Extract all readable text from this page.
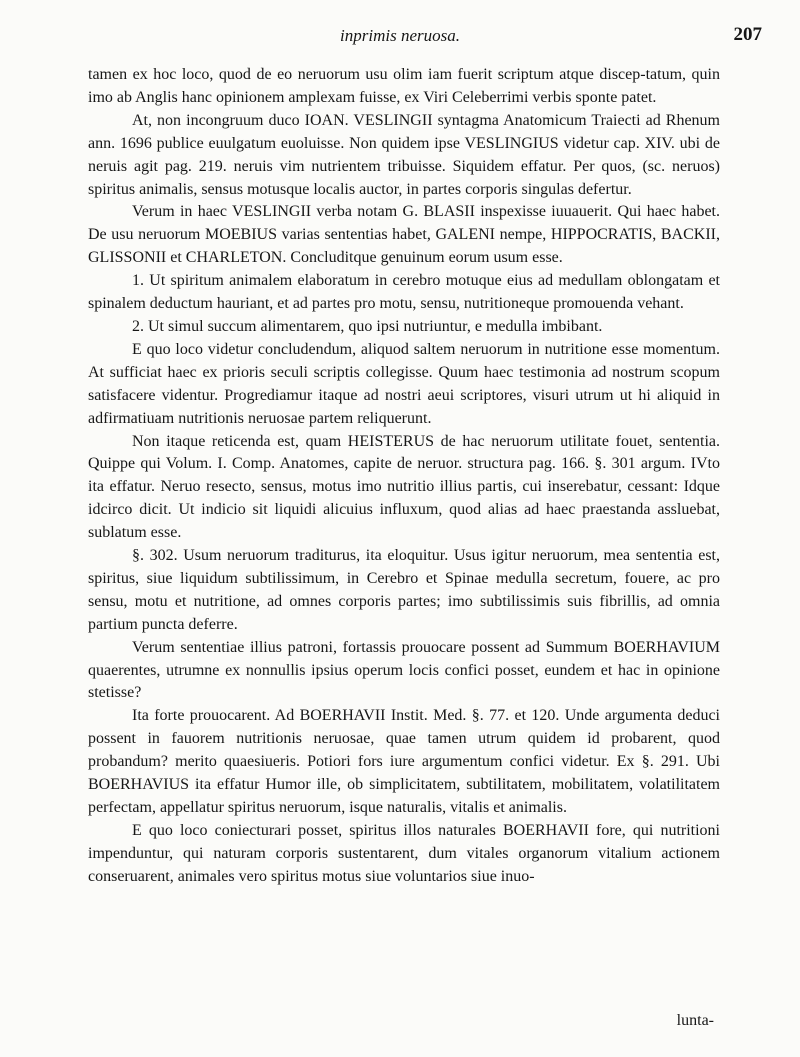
inprimis neruosa.	207

tamen ex hoc loco, quod de eo neruorum usu olim iam fuerit scriptum atque discep-tatum, quin imo ab Anglis hanc opinionem amplexam fuisse, ex Viri Celeberrimi verbis sponte patet.

At, non incongruum duco IOAN. VESLINGII syntagma Anatomicum Traiecti ad Rhenum ann. 1696 publice euulgatum euoluisse. Non quidem ipse VESLINGIUS videtur cap. XIV. ubi de neruis agit pag. 219. neruis vim nutrientem tribuisse. Siquidem effatur. Per quos, (sc. neruos) spiritus animalis, sensus motusque localis auctor, in partes corporis singulas defertur.

Verum in haec VESLINGII verba notam G. BLASII inspexisse iuuauerit. Qui haec habet. De usu neruorum MOEBIUS varias sententias habet, GALENI nempe, HIPPOCRATIS, BACKII, GLISSONII et CHARLETON. Concluditque genuinum eorum usum esse.

1. Ut spiritum animalem elaboratum in cerebro motuque eius ad medullam oblongatam et spinalem deductum hauriant, et ad partes pro motu, sensu, nutritioneque promouenda vehant.

2. Ut simul succum alimentarem, quo ipsi nutriuntur, e medulla imbibant.

E quo loco videtur concludendum, aliquod saltem neruorum in nutritione esse momentum. At sufficiat haec ex prioris seculi scriptis collegisse. Quum haec testimonia ad nostrum scopum satisfacere videntur. Progrediamur itaque ad nostri aeui scriptores, visuri utrum ut hi aliquid in adfirmatiuam nutritionis neruosae partem reliquerunt.

Non itaque reticenda est, quam HEISTERUS de hac neruorum utilitate fouet, sententia. Quippe qui Volum. I. Comp. Anatomes, capite de neruor. structura pag. 166. §. 301 argum. IVto ita effatur. Neruo resecto, sensus, motus imo nutritio illius partis, cui inserebatur, cessant: Idque idcirco dicit. Ut indicio sit liquidi alicuius influxum, quod alias ad haec praestanda assluebat, sublatum esse.

§. 302. Usum neruorum traditurus, ita eloquitur. Usus igitur neruorum, mea sententia est, spiritus, siue liquidum subtilissimum, in Cerebro et Spinae medulla secretum, fouere, ac pro sensu, motu et nutritione, ad omnes corporis partes; imo subtilissimis suis fibrillis, ad omnia partium puncta deferre.

Verum sententiae illius patroni, fortassis prouocare possent ad Summum BOERHAVIUM quaerentes, utrumne ex nonnullis ipsius operum locis confici posset, eundem et hac in opinione stetisse?

Ita forte prouocarent. Ad BOERHAVII Instit. Med. §. 77. et 120. Unde argumenta deduci possent in fauorem nutritionis neruosae, quae tamen utrum quidem id probarent, quod probandum? merito quaesiueris. Potiori fors iure argumentum confici videtur. Ex §. 291. Ubi BOERHAVIUS ita effatur Humor ille, ob simplicitatem, subtilitatem, mobilitatem, volatilitatem perfectam, appellatur spiritus neruorum, isque naturalis, vitalis et animalis.

E quo loco coniecturari posset, spiritus illos naturales BOERHAVII fore, qui nutritioni impenduntur, qui naturam corporis sustentarent, dum vitales organorum vitalium actionem conseruarent, animales vero spiritus motus siue voluntarios siue inuo-

lunta-
